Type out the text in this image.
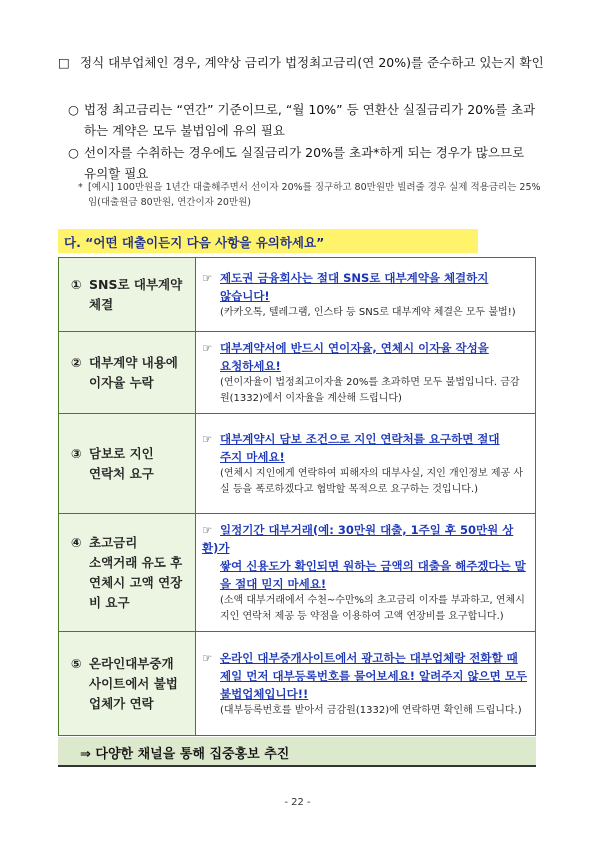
□ 정식 대부업체인 경우, 계약상 금리가 법정최고금리(연 20%)를 준수하고 있는지 확인
○ 법정 최고금리는 “연간” 기준이므로, “월 10%” 등 연환산 실질금리가 20%를 초과하는 계약은 모두 불법임에 유의 필요
○ 선이자를 수취하는 경우에도 실질금리가 20%를 초과*하게 되는 경우가 많으므로 유의할 필요
* [예시] 100만원을 1년간 대출해주면서 선이자 20%를 징구하고 80만원만 빌려줄 경우 실제 적용금리는 25%임(대출원금 80만원, 연간이자 20만원)
다. “어떤 대출이든지 다음 사항을 유의하세요”
① SNS로 대부계약
체결	☞ 제도권 금융회사는 절대 SNS로 대부계약을 체결하지
않습니다!
(카카오톡, 텔레그램, 인스타 등 SNS로 대부계약 체결은 모두 불법!)

② 대부계약 내용에
이자율 누락	☞ 대부계약서에 반드시 연이자율, 연체시 이자율 작성을
요청하세요!
(연이자율이 법정최고이자율 20%를 초과하면 모두 불법입니다. 금감원(1332)에서 이자율을 계산해 드립니다)

③ 담보로 지인
연락처 요구	☞ 대부계약시 담보 조건으로 지인 연락처를 요구하면 절대
주지 마세요!
(연체시 지인에게 연락하여 피해자의 대부사실, 지인 개인정보 제공 사실 등을 폭로하겠다고 협박할 목적으로 요구하는 것입니다.)

④ 초고금리
소액거래 유도 후 연체시 고액 연장비 요구	☞ 일정기간 대부거래(예: 30만원 대출, 1주일 후 50만원 상환)가
쌓여 신용도가 확인되면 원하는 금액의 대출을 해주겠다는 말을 절대 믿지 마세요!
(소액 대부거래에서 수천~수만%의 초고금리 이자를 부과하고, 연체시 지인 연락처 제공 등 약점을 이용하여 고액 연장비를 요구합니다.)

⑤ 온라인대부중개
사이트에서 불법업체가 연락	☞ 온라인 대부중개사이트에서 광고하는 대부업체랑 전화할 때
제일 먼저 대부등록번호를 물어보세요! 알려주지 않으면 모두 불법업체입니다!!
(대부등록번호를 받아서 금감원(1332)에 연락하면 확인해 드립니다.)
⇒ 다양한 채널을 통해 집중홍보 추진
- 22 -
